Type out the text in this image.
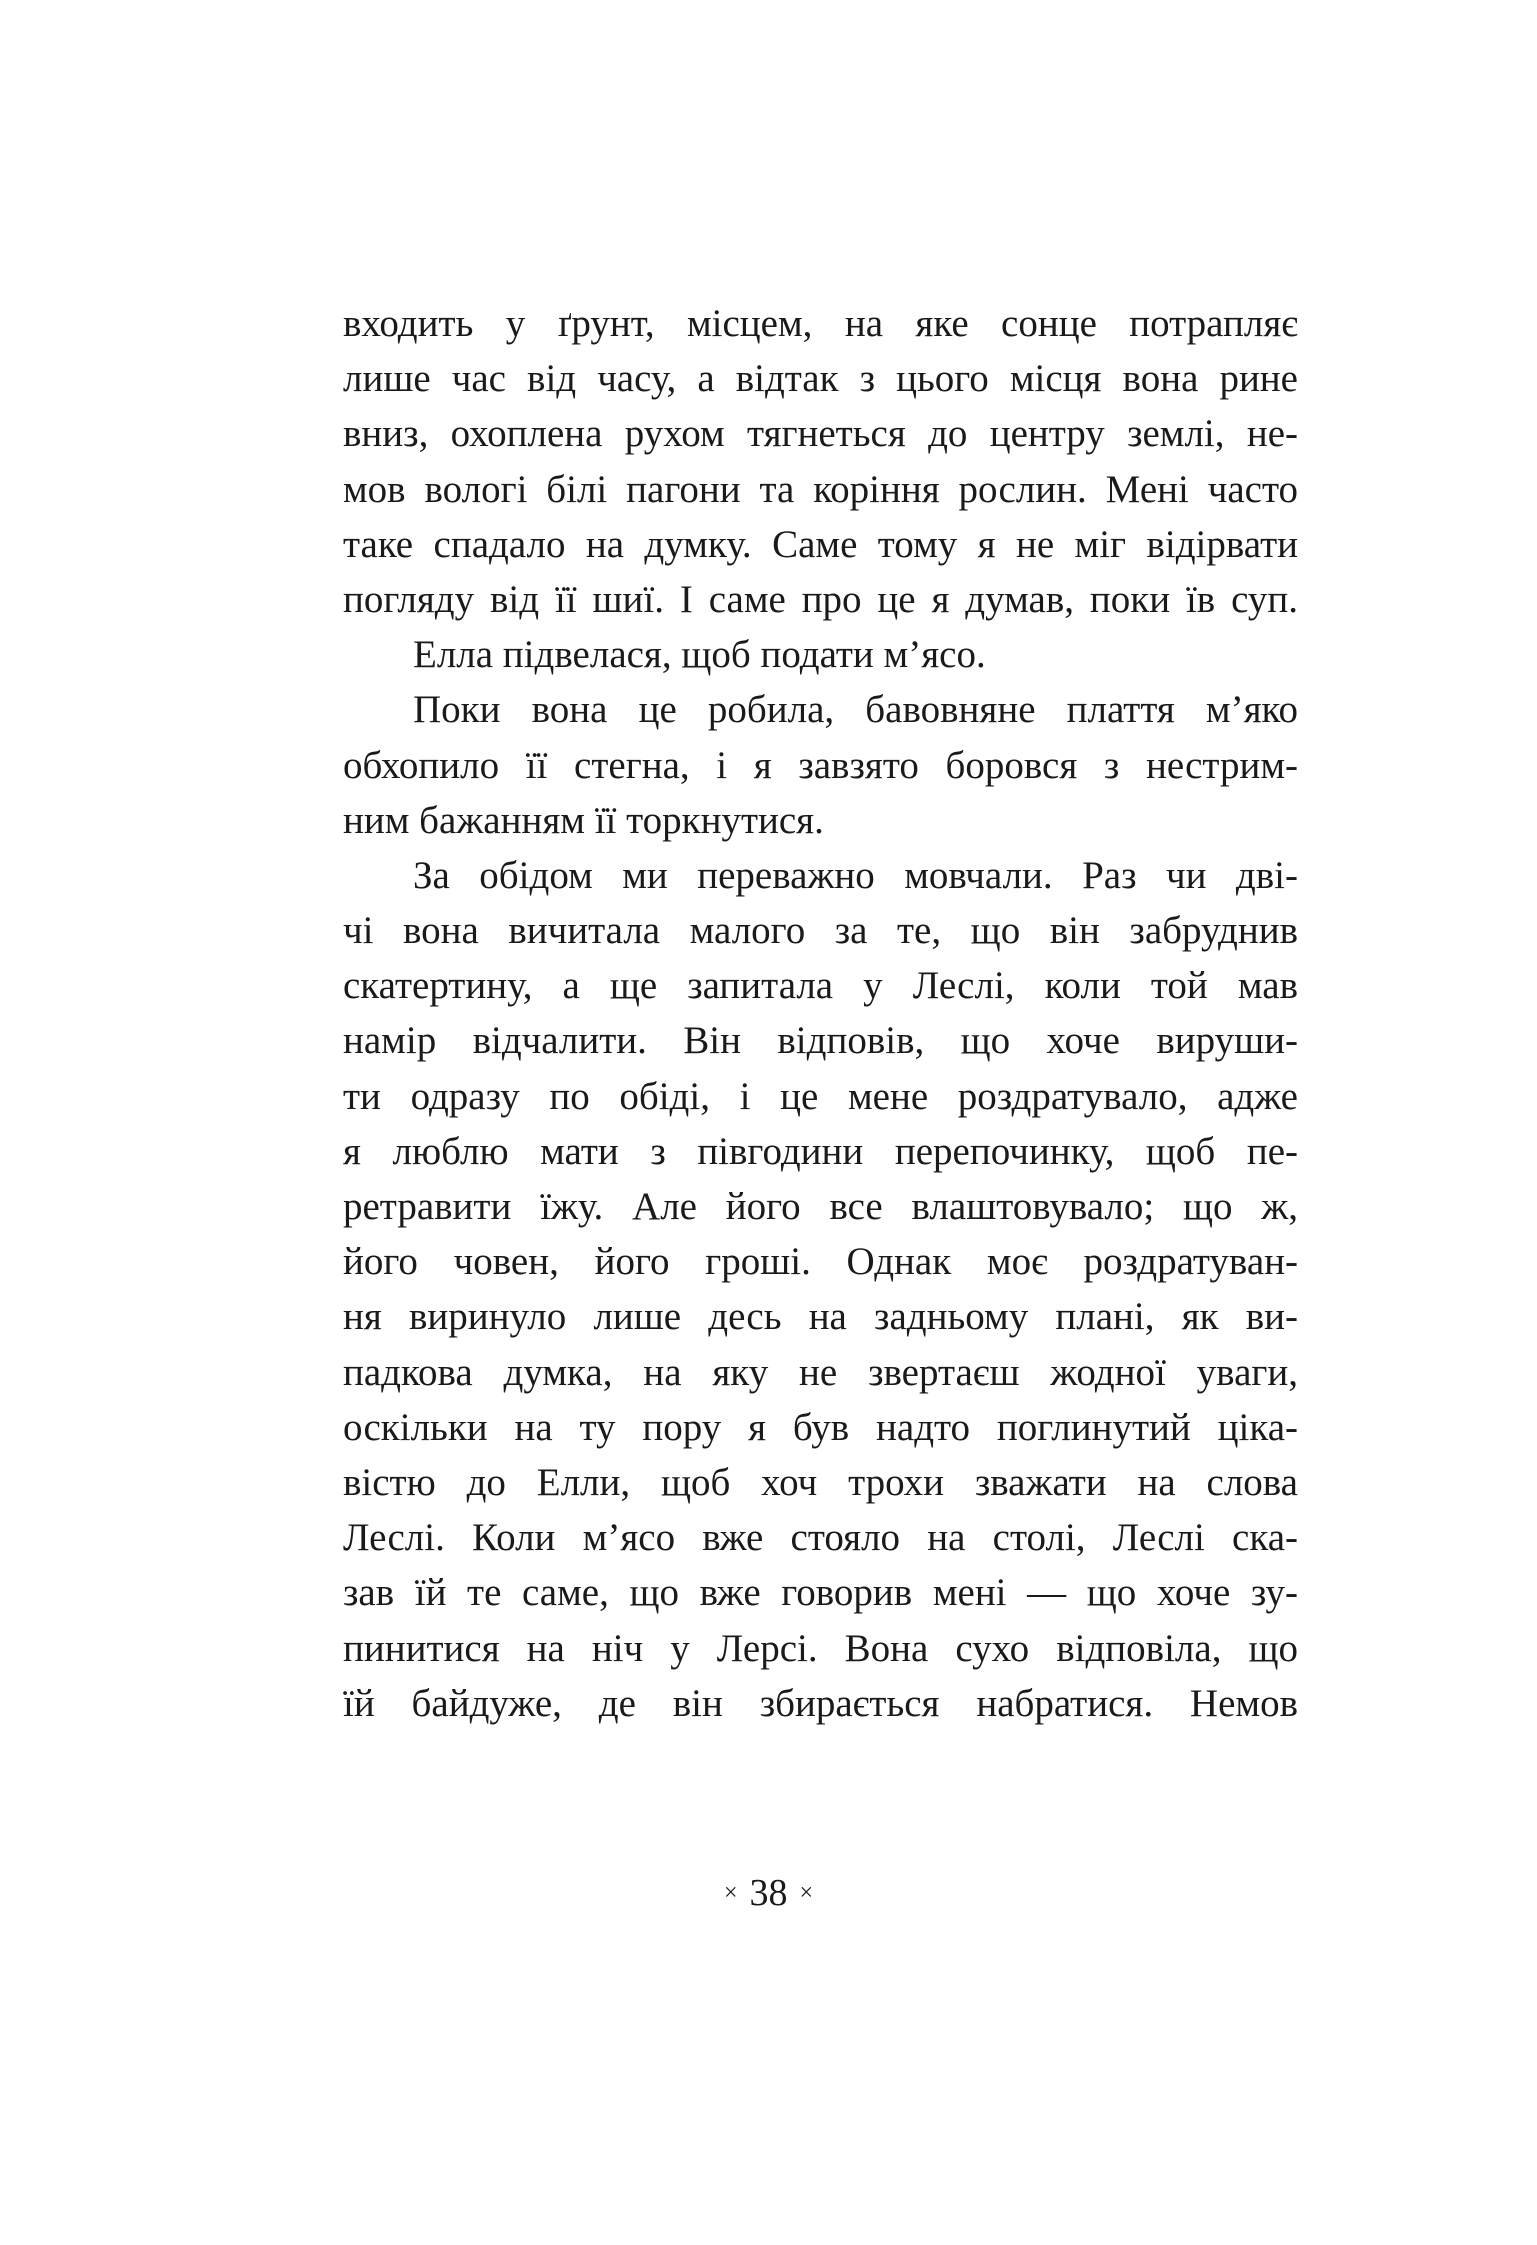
входить у ґрунт, місцем, на яке сонце потрапляє
лише час від часу, а відтак з цього місця вона рине
вниз, охоплена рухом тягнеться до центру землі, не-
мов вологі білі пагони та коріння рослин. Мені часто
таке спадало на думку. Саме тому я не міг відірвати
погляду від її шиї. І саме про це я думав, поки їв суп.
Елла підвелася, щоб подати м’ясо.
Поки вона це робила, бавовняне плаття м’яко
обхопило її стегна, і я завзято боровся з нестрим-
ним бажанням її торкнутися.
За обідом ми переважно мовчали. Раз чи дві-
чі вона вичитала малого за те, що він забруднив
скатертину, а ще запитала у Леслі, коли той мав
намір відчалити. Він відповів, що хоче вируши-
ти одразу по обіді, і це мене роздратувало, адже
я люблю мати з півгодини перепочинку, щоб пе-
ретравити їжу. Але його все влаштовувало; що ж,
його човен, його гроші. Однак моє роздратуван-
ня виринуло лише десь на задньому плані, як ви-
падкова думка, на яку не звертаєш жодної уваги,
оскільки на ту пору я був надто поглинутий ціка-
вістю до Елли, щоб хоч трохи зважати на слова
Леслі. Коли м’ясо вже стояло на столі, Леслі ска-
зав їй те саме, що вже говорив мені — що хоче зу-
пинитися на ніч у Лерсі. Вона сухо відповіла, що
їй байдуже, де він збирається набратися. Немов
× 38 ×
